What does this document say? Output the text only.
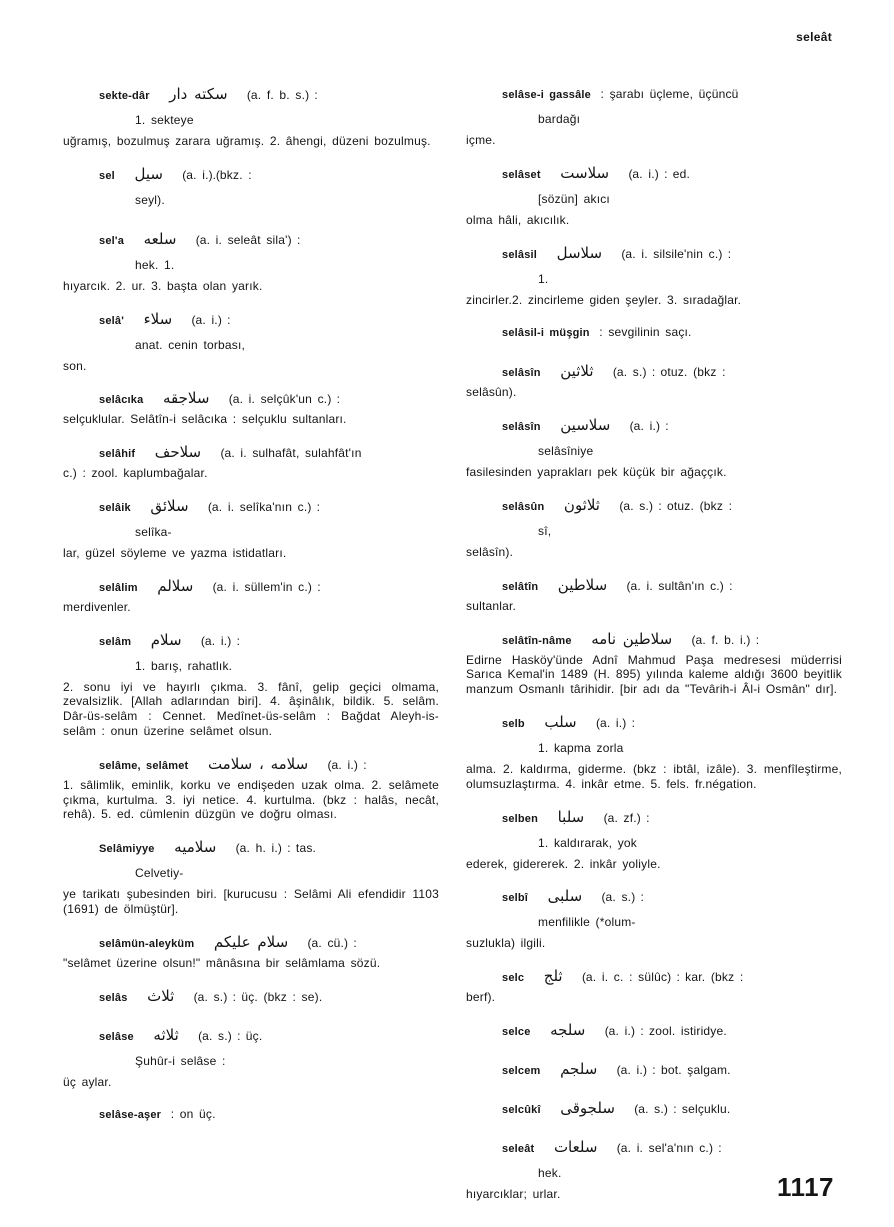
seleât
sekte-dâr سكته دار (a. f. b. s.) :
1. sekteye
uğramış, bozulmuş zarara uğramış. 2. âhengi, düzeni bozulmuş.
sel سيل (a. i.).(bkz. :
seyl).
sel'a سلعه (a. i. seleât sila') :
hek. 1.
hıyarcık. 2. ur. 3. başta olan yarık.
selâ' سلاء (a. i.) :
anat. cenin torbası,
son.
selâcıka سلاجقه (a. i. selçûk'un c.) :
selçuklular. Selâtîn-i selâcıka : selçuklu sultanları.
selâhif سلاحف (a. i. sulhafât, sulahfât'ın
c.) : zool. kaplumbağalar.
selâik سلائق (a. i. selîka'nın c.) :
selîka-
lar, güzel söyleme ve yazma istidatları.
selâlim سلالم (a. i. süllem'in c.) :
merdivenler.
selâm سلام (a. i.) :
1. barış, rahatlık.
2. sonu iyi ve hayırlı çıkma. 3. fânî, gelip geçici olmama, zevalsizlik. [Allah adlarından biri]. 4. âşinâlık, bildik. 5. selâm. Dâr-üs-selâm : Cennet. Medînet-üs-selâm : Bağdat Aleyh-is-selâm : onun üzerine selâmet olsun.
selâme, selâmet سلامه ، سلامت (a. i.) :
1. sâlimlik, eminlik, korku ve endişeden uzak olma. 2. selâmete çıkma, kurtulma. 3. iyi netice. 4. kurtulma. (bkz : halâs, necât, rehâ). 5. ed. cümlenin düzgün ve doğru olması.
Selâmiyye سلاميه (a. h. i.) : tas.
Celvetiy-
ye tarikatı şubesinden biri. [kurucusu : Selâmi Ali efendidir 1103 (1691) de ölmüştür].
selâmün-aleyküm سلام عليكم (a. cü.) :
"selâmet üzerine olsun!" mânâsına bir selâmlama sözü.
selâs ثلاث (a. s.) : üç. (bkz : se).
selâse ثلاثه (a. s.) : üç.
Şuhûr-i selâse :
üç aylar.
selâse-aşer : on üç.
selâse-i gassâle : şarabı üçleme, üçüncü
bardağı
içme.
selâset سلاست (a. i.) : ed.
[sözün] akıcı
olma hâli, akıcılık.
selâsil سلاسل (a. i. silsile'nin c.) :
1.
zincirler.2. zincirleme giden şeyler. 3. sıradağlar.
selâsil-i müşgin : sevgilinin saçı.
selâsîn ثلاثين (a. s.) : otuz. (bkz :
selâsûn).
selâsîn سلاسين (a. i.) :
selâsîniye
fasilesinden yaprakları pek küçük bir ağaççık.
selâsûn ثلاثون (a. s.) : otuz. (bkz :
sî,
selâsîn).
selâtîn سلاطين (a. i. sultân'ın c.) :
sultanlar.
selâtîn-nâme سلاطين نامه (a. f. b. i.) :
Edirne Hasköy'ünde Adnî Mahmud Paşa medresesi müderrisi Sarıca Kemal'in 1489 (H. 895) yılında kaleme aldığı 3600 beyitlik manzum Osmanlı târihidir. [bir adı da "Tevârih-i Âl-i Osmân" dır].
selb سلب (a. i.) :
1. kapma zorla
alma. 2. kaldırma, giderme. (bkz : ibtâl, izâle). 3. menfîleştirme, olumsuzlaştırma. 4. inkâr etme. 5. fels. fr.négation.
selben سلبا (a. zf.) :
1. kaldırarak, yok
ederek, gidererek. 2. inkâr yoliyle.
selbî سلبى (a. s.) :
menfilikle (*olum-
suzlukla) ilgili.
selc ثلج (a. i. c. : sülûc) : kar. (bkz :
berf).
selce سلجه (a. i.) : zool. istiridye.
selcem سلجم (a. i.) : bot. şalgam.
selcûkî سلجوقى (a. s.) : selçuklu.
seleât سلعات (a. i. sel'a'nın c.) :
hek.
hıyarcıklar; urlar.	1117
